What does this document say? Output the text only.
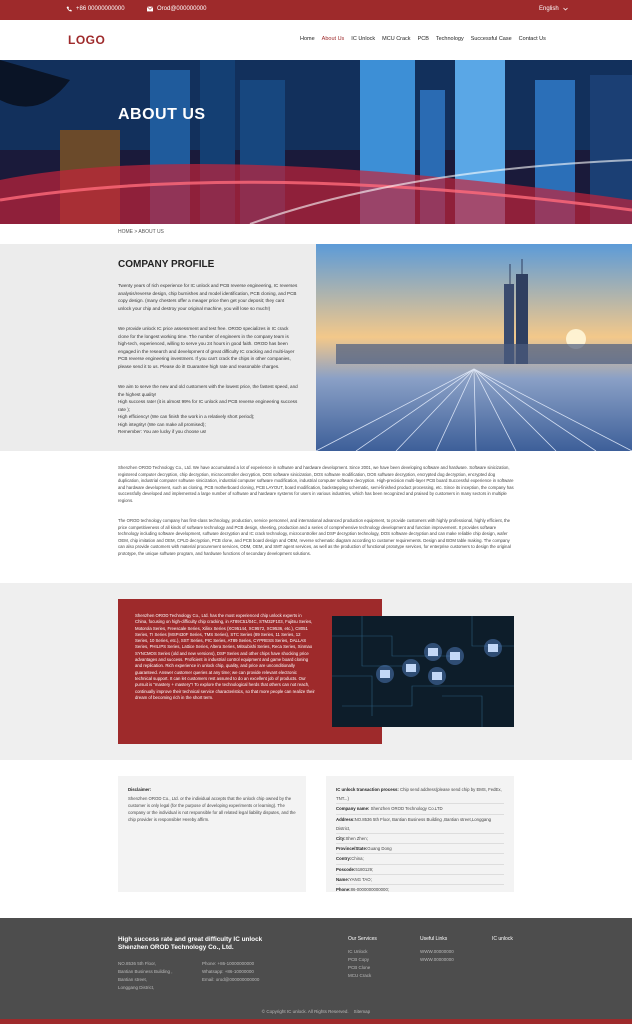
+86 00000000000	Orod@000000000	English
LOGO	Home About Us IC Unlock MCU Crack PCB Technology Successful Case Contact Us
ABOUT US
HOME > ABOUT US
COMPANY PROFILE
Twenty years of rich experience for IC unlock and PCB reverse engineering, IC reverses analysis/reverse design, chip burnishes and model identification, PCB cloning, and PCB copy design. (many chesters offer a meager price then get your deposit; they cant unlock your chip and destroy your original machine, you will lose so much!)
We provide unlock IC price assessment and test free. OROD specializes in IC crack clone for the longest working time. The number of engineers in the company team is high-tech, experienced, willing to serve you 24 hours in good faith. OROD has been engaged in the research and development of great difficulty IC cracking and multi-layer PCB reverse engineering investment. If you can't crack the chips in other companies, please send it to us. Please do it! Guarantee high rate and reasonable charges.
We aim to serve the new and old customers with the lowest price, the fastest speed, and the highest quality!
High success rate! (it is almost 99% for IC unlock and PCB reverse engineering success rate );
High efficiency! (We can finish the work in a relatively short period);
High integrity! (We can make all promised);
Remember: You are lucky if you choose us!
Shenzhen OROD Technology Co., Ltd. We have accumulated a lot of experience in software and hardware development. Since 2001, we have been developing software and hardware. Software sinicization, registered computer decryption, chip decryption, microcontroller decryption, DOS software sinicization, DOS software modification, DOS software decryption, encrypted dog decryption, encrypted dog duplication, industrial computer software sinicization, industrial computer software modification, industrial computer software decryption. High-precision multi-layer PCB board Successful experience in software and hardware development, such as cloning, PCB motherboard cloning, PCB LAYOUT, board modification, backstepping schematic, semi-finished product processing, etc. Since its inception, the company has successfully developed and implemented a large number of software and hardware systems for users in various industries, which has been recognized and praised by customers in many sectors in multiple regions.
The OROD technology company has first-class technology, production, service personnel, and international advanced production equipment, to provide customers with highly professional, highly efficient, the price competitiveness of all kinds of software technology and PCB design, sheeting, production and a series of comprehensive technology development and function improvement. It provides software technology including software development, software decryption and IC crack technology, microcontroller and DSP decryption technology, DOS software decryption and can make reliable chip design, wafer OEM, chip imitation and OEM, CPLD decryption, PCB clone, and PCB board design and OEM, reverse schematic diagram according to customer requirements. Design and BOM table making. The company can also provide customers with material procurement services, ODM, OEM, and SMT agent services, as well as the production of functional prototype services, for enterprise customers to design the original prototype, the unique software program, and hardware functions of secondary development solutions.
Shenzhen OROD Technology Co., Ltd. has the most experienced chip unlock experts in China, focusing on high-difficulty chip cracking, in AT89C51/04C, STM32F103, Fujitsu Series, Motorola Series, Freescale Series, Xilinx Series (XC95144, XC9572, XC9536, etc.), C8051 Series, TI Series (MSP430F Series, TMS Series), STC Series (89 Series, 11 Series, 12 Series, 10 Series, etc.), SST Series, PIC Series, AT89 Series, CYPRESS Series, DALLAS Series, PHILIPS Series, Lattice Series, Altera Series, Mitsubishi Series, Reca Series, Xinmao SYNCMOS Series (old and new versions), DSP Series and other chips have shocking price advantages and success. Proficient in industrial control equipment and game board cloning and replication. Rich experience in unlock chip, quality, and price are unconditionally guaranteed. Answer customer queries at any time; we can provide relevant electronic technical support. It can let customers rest assured to do an excellent job of products. Our pursuit is "mastery + mastery"! To explore the technological herds that others can not reach, continually improve their technical service characteristics, so that more people can realize their dream of becoming rich in the short term.
Disclaimer:
Shenzhen OROD Co., Ltd. or the individual accepts that the unlock chip owned by the customer is only legal (for the purpose of developing experiments or learning). The company or the individual is not responsible for all related legal liability disputes, and the chip provider is responsible! Hereby affirm.
IC unlock transaction process: Chip send address(please send chip by EMS, FedEx, TNT...)
Company name: Shenzhen OROD Technology Co.LTD
Address:NO.8536 5th Floor, Bantian Business Building ,Bantian street,Longgang District,
City:Shen Zhen;
Province/State:Guang Dong
Contry:China;
Poscode:5180129;
Name:YANG TAO;
Phone:86-0000000000000;
High success rate and great difficulty IC unlock
Shenzhen OROD Technology Co., Ltd.
NO.8536 5th Floor,
Bantian Business Building ,
Bantian street,
Longgang District,
Phone: +86-10000000000
Whatsapp: +86-10000000
Email: orod@000000000000
Our Services
IC Unlock
PCB Copy
PCB Clone
MCU Crack
Useful Links
WWW.00000000
WWW.00000000
IC unlock
© Copyright IC unlock. All Rights Reserved. Sitemap
